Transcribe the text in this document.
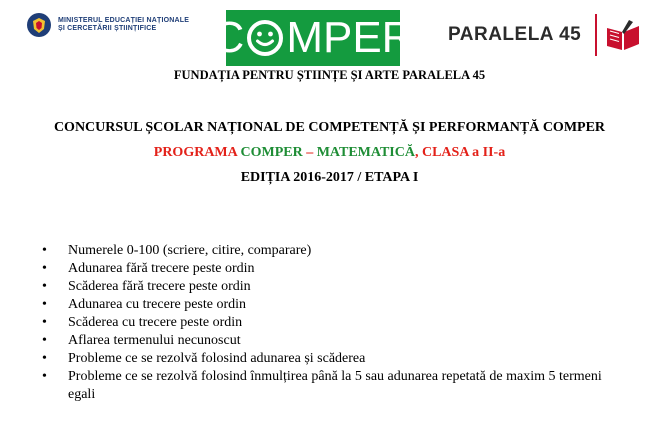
MINISTERUL EDUCAȚIEI NAȚIONALE
ȘI CERCETĂRII ȘTIINȚIFICE	C MPER PARALELA 45
FUNDAȚIA PENTRU ȘTIINȚE ȘI ARTE PARALELA 45
CONCURSUL ȘCOLAR NAȚIONAL DE COMPETENȚĂ ȘI PERFORMANȚĂ COMPER
PROGRAMA COMPER – MATEMATICĂ, CLASA a II-a
EDIȚIA 2016-2017 / ETAPA I
• Numerele 0-100 (scriere, citire, comparare)
• Adunarea fără trecere peste ordin
• Scăderea fără trecere peste ordin
• Adunarea cu trecere peste ordin
• Scăderea cu trecere peste ordin
• Aflarea termenului necunoscut
• Probleme ce se rezolvă folosind adunarea și scăderea
• Probleme ce se rezolvă folosind înmulțirea până la 5 sau adunarea repetată de maxim 5 termeni egali
